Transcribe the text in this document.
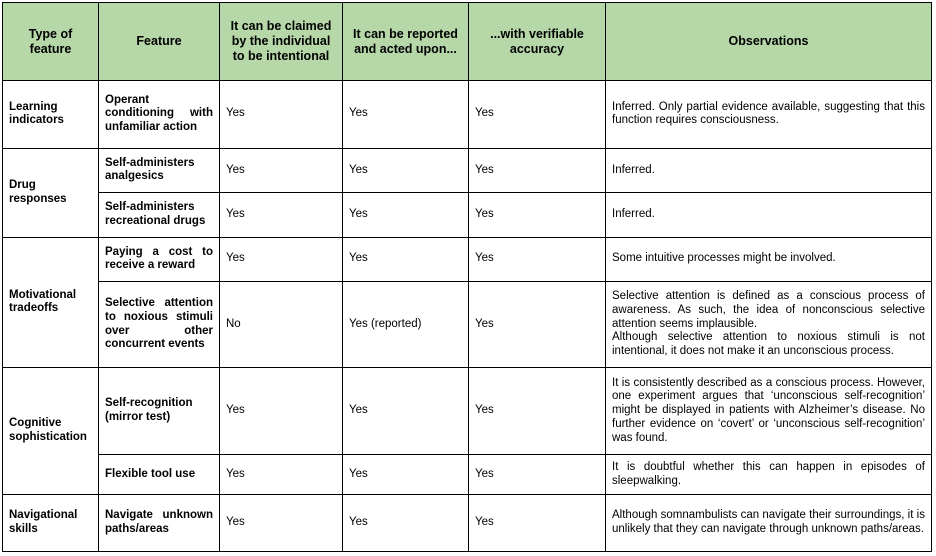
Type of feature	Feature	It can be claimed by the individual to be intentional	It can be reported and acted upon...	...with verifiable accuracy	Observations
Learning indicators	Operant conditioning with unfamiliar action	Yes	Yes	Yes	Inferred. Only partial evidence available, suggesting that this function requires consciousness.

Drug responses	Self-administers analgesics	Yes	Yes	Yes	Inferred.

	Self-administers recreational drugs	Yes	Yes	Yes	Inferred.

Motivational tradeoffs	Paying a cost to receive a reward	Yes	Yes	Yes	Some intuitive processes might be involved.

	Selective attention to noxious stimuli over other concurrent events	No	Yes (reported)	Yes	Selective attention is defined as a conscious process of awareness. As such, the idea of nonconscious selective attention seems implausible.
Although selective attention to noxious stimuli is not intentional, it does not make it an unconscious process.

Cognitive sophistication	Self-recognition (mirror test)	Yes	Yes	Yes	It is consistently described as a conscious process. However, one experiment argues that ‘unconscious self-recognition’ might be displayed in patients with Alzheimer’s disease. No further evidence on ‘covert’ or ‘unconscious self-recognition’ was found.

	Flexible tool use	Yes	Yes	Yes	It is doubtful whether this can happen in episodes of sleepwalking.

Navigational skills	Navigate unknown paths/areas	Yes	Yes	Yes	Although somnambulists can navigate their surroundings, it is unlikely that they can navigate through unknown paths/areas.
